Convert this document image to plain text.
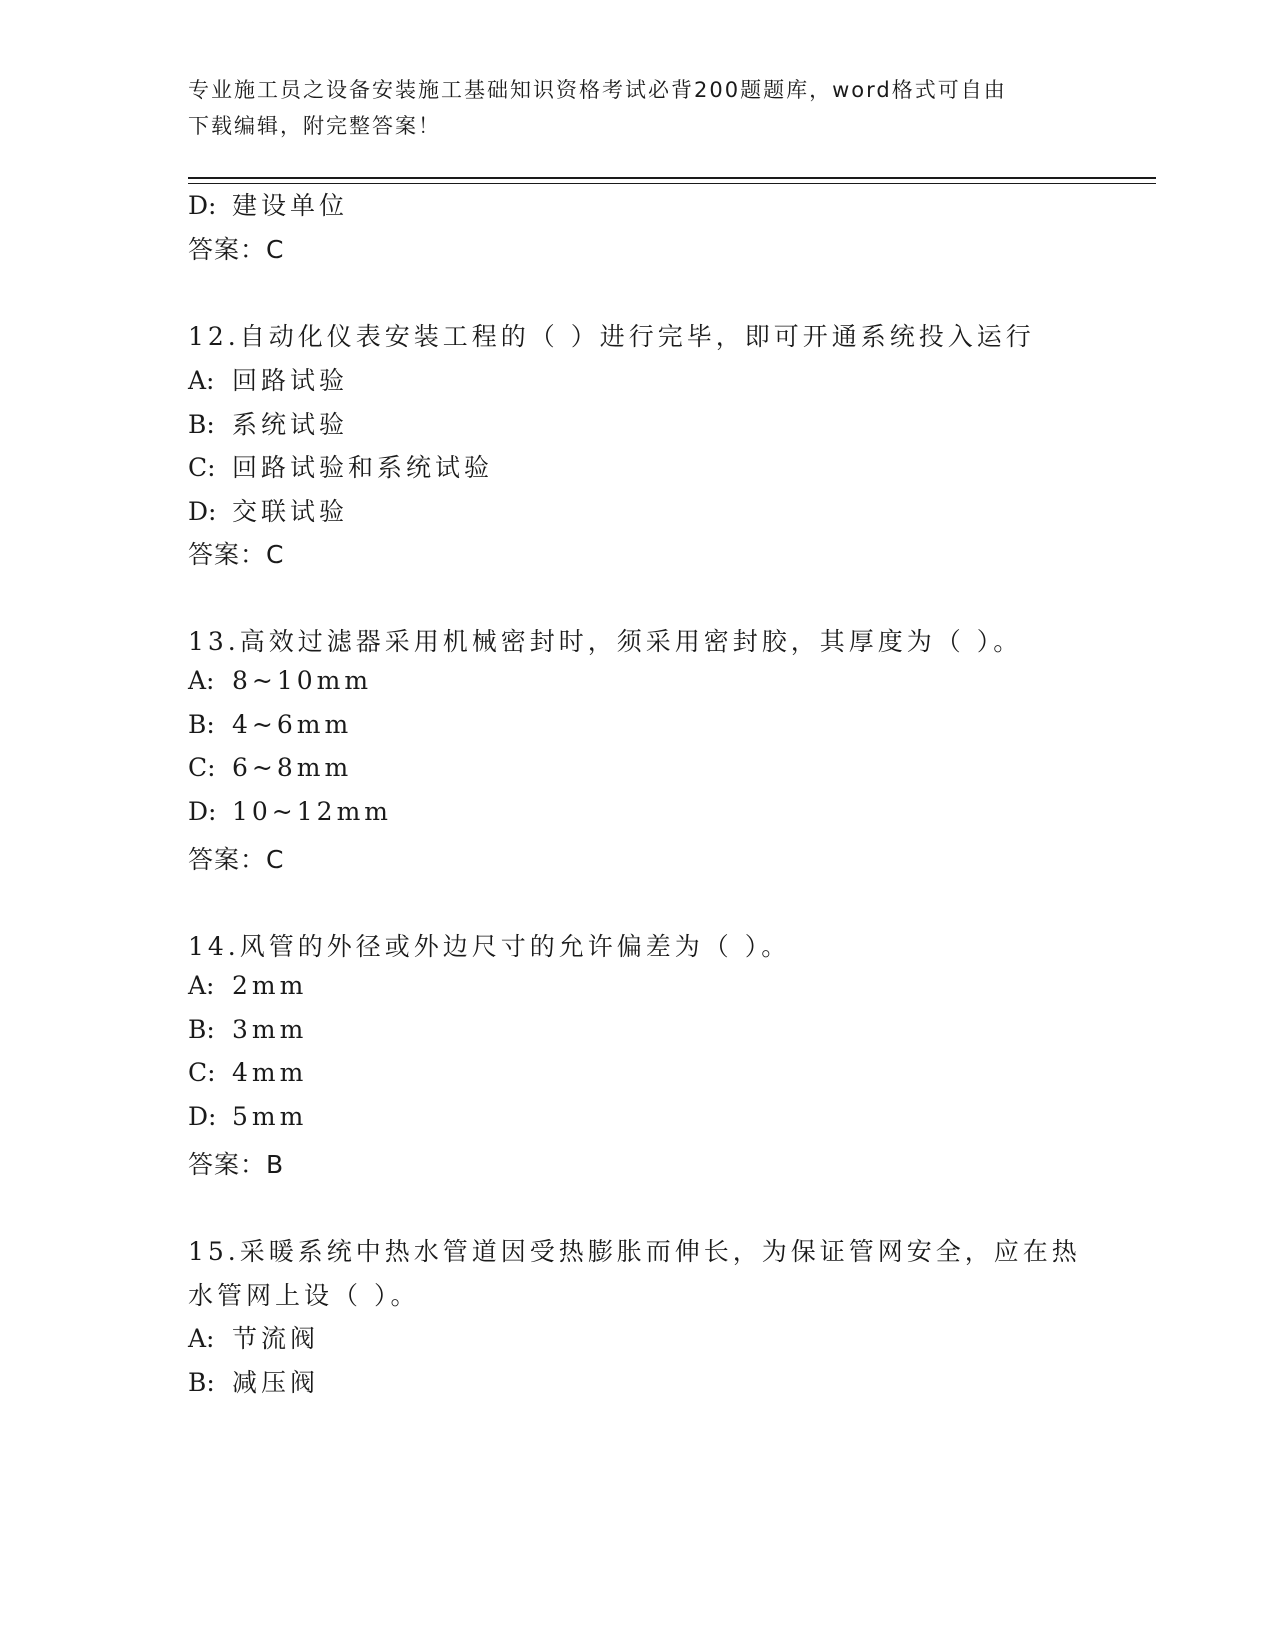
专业施工员之设备安装施工基础知识资格考试必背200题题库，word格式可自由
下载编辑，附完整答案！
D: 建设单位
答案：C
12.自动化仪表安装工程的（ ）进行完毕，即可开通系统投入运行
A: 回路试验
B: 系统试验
C: 回路试验和系统试验
D: 交联试验
答案：C
13.高效过滤器采用机械密封时，须采用密封胶，其厚度为（ ）。
A: 8~10mm
B: 4~6mm
C: 6~8mm
D: 10~12mm
答案：C
14.风管的外径或外边尺寸的允许偏差为（ ）。
A: 2mm
B: 3mm
C: 4mm
D: 5mm
答案：B
15.采暖系统中热水管道因受热膨胀而伸长，为保证管网安全，应在热
水管网上设（ ）。
A: 节流阀
B: 减压阀
